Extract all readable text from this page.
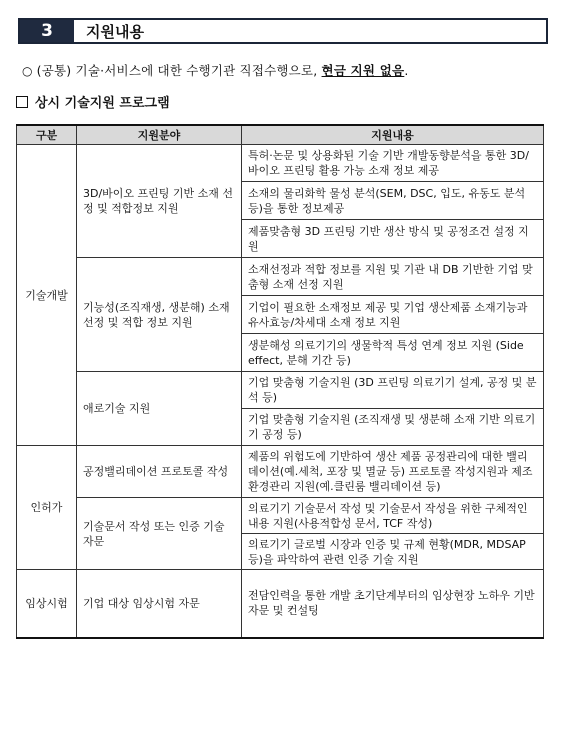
3	지원내용
○ (공통) 기술·서비스에 대한 수행기관 직접수행으로, 현금 지원 없음.
상시 기술지원 프로그램
구분	지원분야	지원내용
기술개발	3D/바이오 프린팅 기반 소재 선정 및 적합정보 지원	특허·논문 및 상용화된 기술 기반 개발동향분석을 통한 3D/바이오 프린팅 활용 가능 소재 정보 제공
		소재의 물리화학 물성 분석(SEM, DSC, 입도, 유동도 분석 등)을 통한 정보제공
		제품맞춤형 3D 프린팅 기반 생산 방식 및 공정조건 설정 지원
	기능성(조직재생, 생분해) 소재선정 및 적합 정보 지원	소재선정과 적합 정보를 지원 및 기관 내 DB 기반한 기업 맞춤형 소재 선정 지원
		기업이 필요한 소재정보 제공 및 기업 생산제품 소재기능과 유사효능/차세대 소재 정보 지원
		생분해성 의료기기의 생물학적 특성 연계 정보 지원 (Side effect, 분해 기간 등)
	애로기술 지원	기업 맞춤형 기술지원 (3D 프린팅 의료기기 설계, 공정 및 분석 등)
		기업 맞춤형 기술지원 (조직재생 및 생분해 소재 기반 의료기기 공정 등)
인허가	공정밸리데이션 프로토콜 작성	제품의 위험도에 기반하여 생산 제품 공정관리에 대한 밸리데이션(예.세척, 포장 및 멸균 등) 프로토콜 작성지원과 제조환경관리 지원(예.클린룸 밸리데이션 등)
	기술문서 작성 또는 인증 기술 자문	의료기기 기술문서 작성 및 기술문서 작성을 위한 구체적인 내용 지원(사용적합성 문서, TCF 작성)
		의료기기 글로벌 시장과 인증 및 규제 현황(MDR, MDSAP 등)을 파악하여 관련 인증 기술 지원
임상시험	기업 대상 임상시험 자문	전담인력을 통한 개발 초기단계부터의 임상현장 노하우 기반 자문 및 컨설팅
